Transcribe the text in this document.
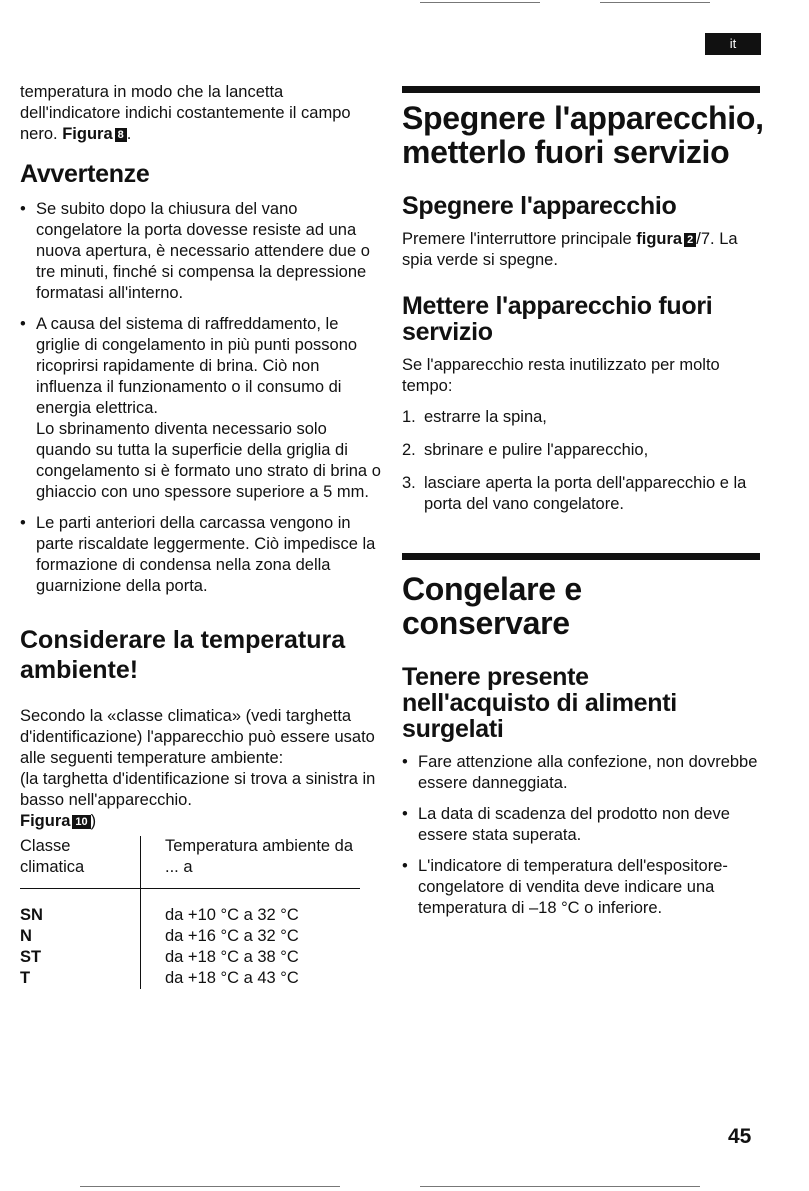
it

temperatura in modo che la lancetta dell'indicatore indichi costantemente il campo nero. Figura 8 .

Avvertenze
• Se subito dopo la chiusura del vano congelatore la porta dovesse resiste ad una nuova apertura, è necessario attendere due o tre minuti, finché si compensa la depressione formatasi all'interno.
• A causa del sistema di raffreddamento, le griglie di congelamento in più punti possono ricoprirsi rapidamente di brina. Ciò non influenza il funzionamento o il consumo di energia elettrica.
Lo sbrinamento diventa necessario solo quando su tutta la superficie della griglia di congelamento si è formato uno strato di brina o ghiaccio con uno spessore superiore a 5 mm.
• Le parti anteriori della carcassa vengono in parte riscaldate leggermente. Ciò impedisce la formazione di condensa nella zona della guarnizione della porta.
Considerare la temperatura ambiente!

Secondo la «classe climatica» (vedi targhetta d'identificazione) l'apparecchio può essere usato alle seguenti temperature ambiente:

(la targhetta d'identificazione si trova a sinistra in basso nell'apparecchio.
Figura 10 )

Classe climatica	Temperatura ambiente da ... a
SN	da +10 °C a 32 °C
N	da +16 °C a 32 °C
ST	da +18 °C a 38 °C
T	da +18 °C a 43 °C
Spegnere l'apparecchio, metterlo fuori servizio
Spegnere l'apparecchio

Premere l'interruttore principale figura 2 /7. La spia verde si spegne.

Mettere l'apparecchio fuori servizio

Se l'apparecchio resta inutilizzato per molto tempo:

1. estrarre la spina,
2. sbrinare e pulire l'apparecchio,
3. lasciare aperta la porta dell'apparecchio e la porta del vano congelatore.
Congelare e conservare
Tenere presente nell'acquisto di alimenti surgelati
• Fare attenzione alla confezione, non dovrebbe essere danneggiata.
• La data di scadenza del prodotto non deve essere stata superata.
• L'indicatore di temperatura dell'espositore-congelatore di vendita deve indicare una temperatura di –18 °C o inferiore.
45
